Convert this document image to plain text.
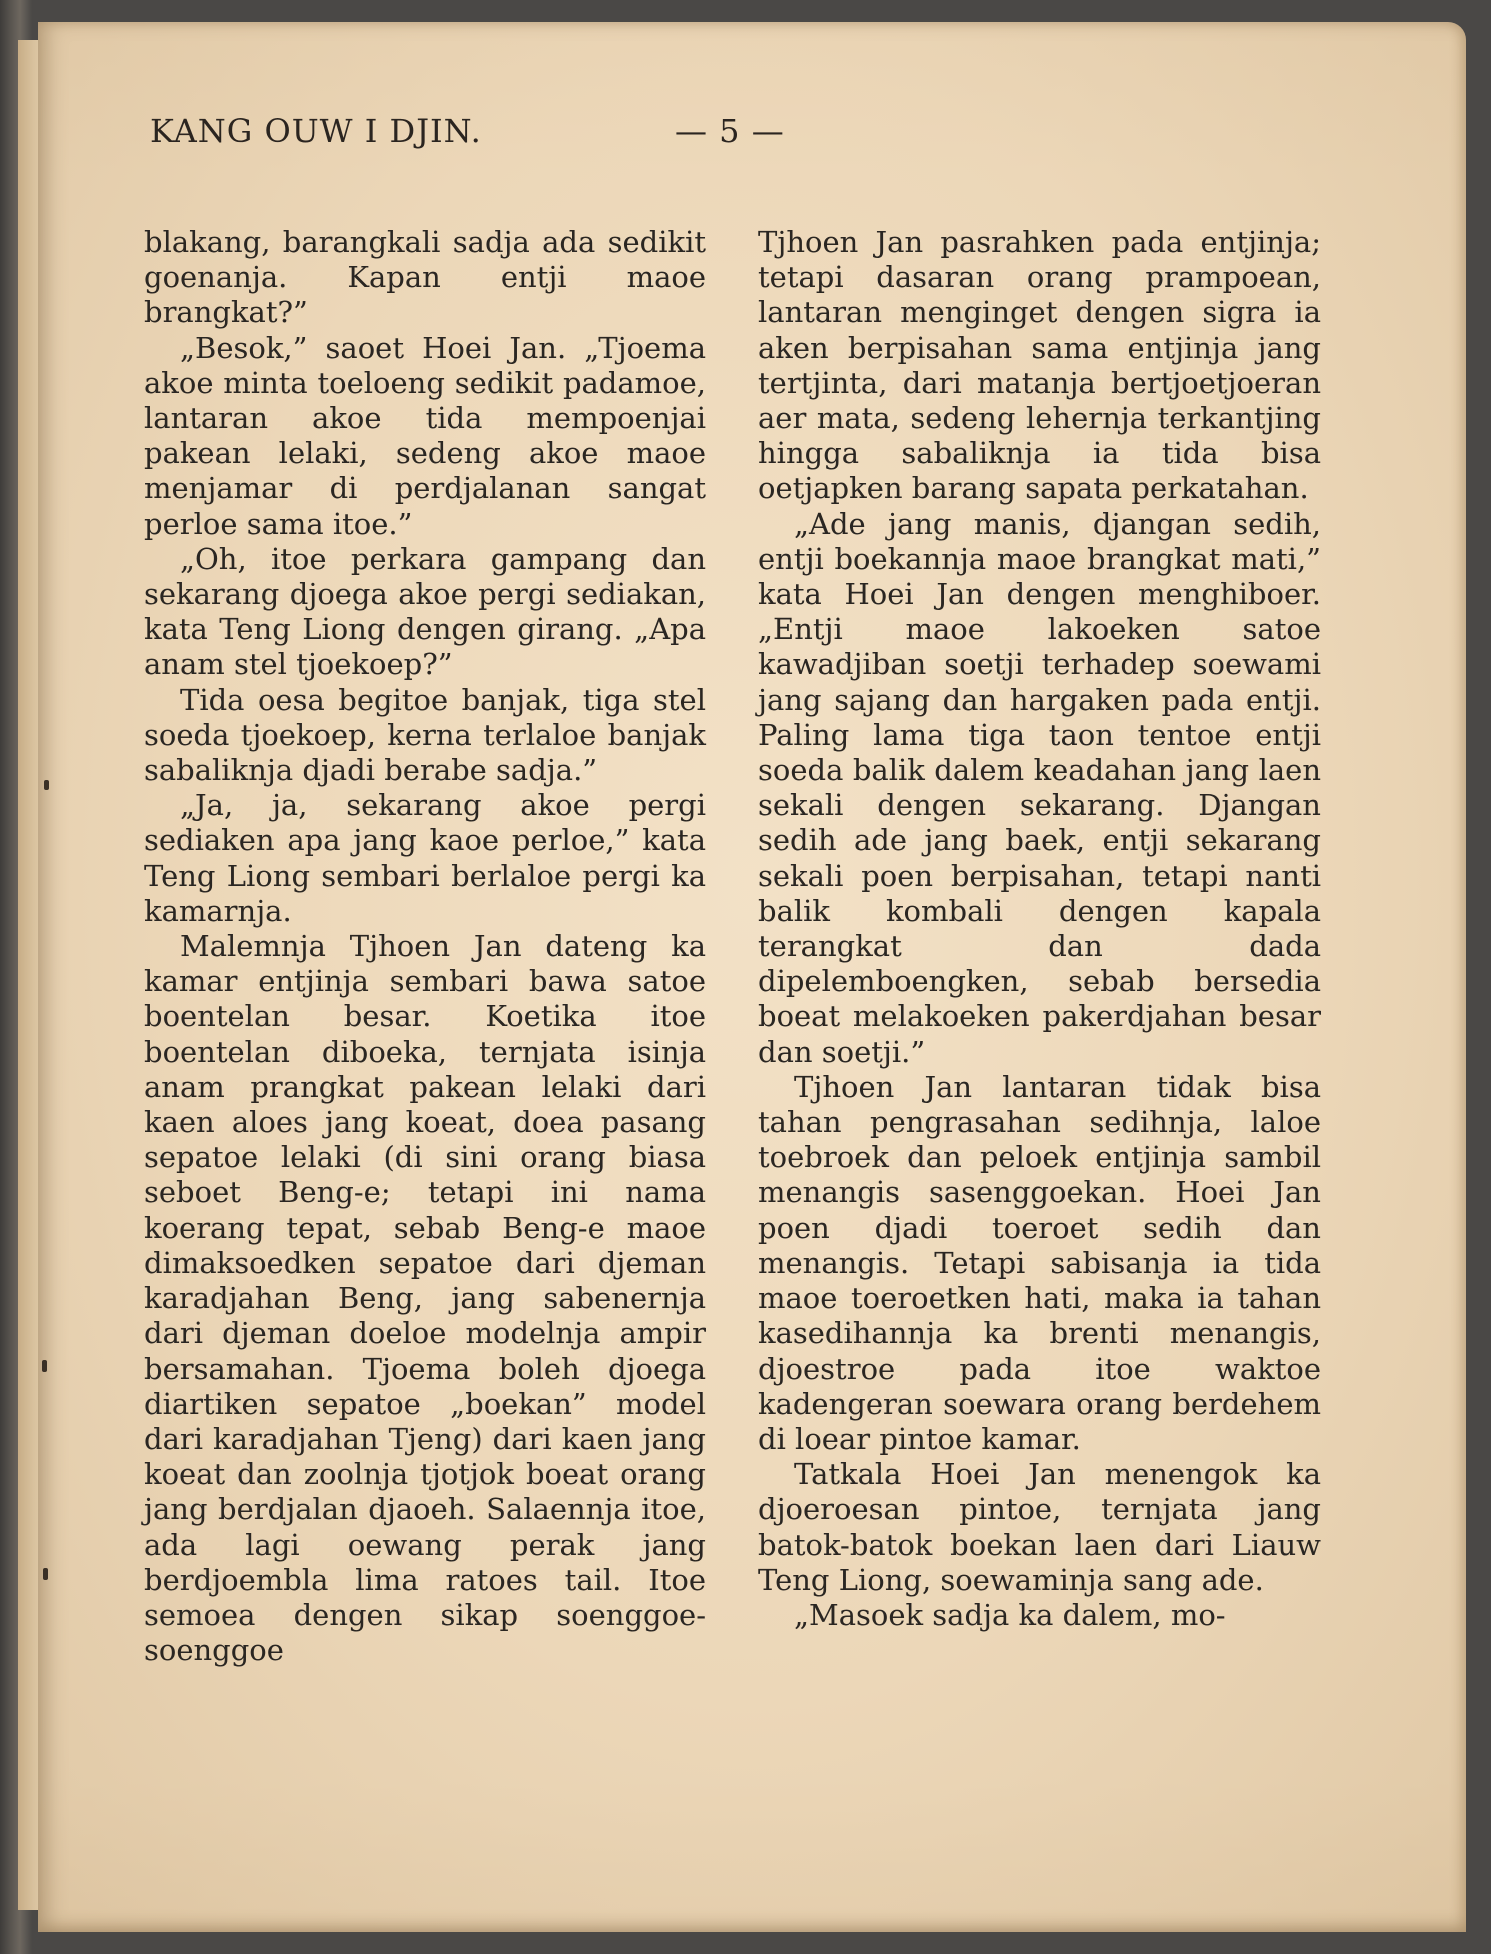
KANG OUW I DJIN.	— 5 —

blakang, barangkali sadja ada sedikit goenanja. Kapan entji maoe brangkat?”

„Besok,” saoet Hoei Jan. „Tjoema akoe minta toeloeng sedikit padamoe, lantaran akoe tida mempoenjai pakean lelaki, sedeng akoe maoe menjamar di perdjalanan sangat perloe sama itoe.”

„Oh, itoe perkara gampang dan sekarang djoega akoe pergi sediakan, kata Teng Liong dengen girang. „Apa anam stel tjoekoep?”

Tida oesa begitoe banjak, tiga stel soeda tjoekoep, kerna terlaloe banjak sabaliknja djadi berabe sadja.”

„Ja, ja, sekarang akoe pergi sediaken apa jang kaoe perloe,” kata Teng Liong sembari berlaloe pergi ka kamarnja.

Malemnja Tjhoen Jan dateng ka kamar entjinja sembari bawa satoe boentelan besar. Koetika itoe boentelan diboeka, ternjata isinja anam prangkat pakean lelaki dari kaen aloes jang koeat, doea pasang sepatoe lelaki (di sini orang biasa seboet Beng-e; tetapi ini nama koerang tepat, sebab Beng-e maoe dimaksoedken sepatoe dari djeman karadjahan Beng, jang sabenernja dari djeman doeloe modelnja ampir bersamahan. Tjoema boleh djoega diartiken sepatoe „boekan” model dari karadjahan Tjeng) dari kaen jang koeat dan zoolnja tjotjok boeat orang jang berdjalan djaoeh. Salaennja itoe, ada lagi oewang perak jang berdjoembla lima ratoes tail. Itoe semoea dengen sikap soenggoe-soenggoe

Tjhoen Jan pasrahken pada entjinja; tetapi dasaran orang prampoean, lantaran menginget dengen sigra ia aken berpisahan sama entjinja jang tertjinta, dari matanja bertjoetjoeran aer mata, sedeng lehernja terkantjing hingga sabaliknja ia tida bisa oetjapken barang sapata perkatahan.

„Ade jang manis, djangan sedih, entji boekannja maoe brangkat mati,” kata Hoei Jan dengen menghiboer. „Entji maoe lakoeken satoe kawadjiban soetji terhadep soewami jang sajang dan hargaken pada entji. Paling lama tiga taon tentoe entji soeda balik dalem keadahan jang laen sekali dengen sekarang. Djangan sedih ade jang baek, entji sekarang sekali poen berpisahan, tetapi nanti balik kombali dengen kapala terangkat dan dada dipelemboengken, sebab bersedia boeat melakoeken pakerdjahan besar dan soetji.”

Tjhoen Jan lantaran tidak bisa tahan pengrasahan sedihnja, laloe toebroek dan peloek entjinja sambil menangis sasenggoekan. Hoei Jan poen djadi toeroet sedih dan menangis. Tetapi sabisanja ia tida maoe toeroetken hati, maka ia tahan kasedihannja ka brenti menangis, djoestroe pada itoe waktoe kadengeran soewara orang berdehem di loear pintoe kamar.

Tatkala Hoei Jan menengok ka djoeroesan pintoe, ternjata jang batok-batok boekan laen dari Liauw Teng Liong, soewaminja sang ade.

„Masoek sadja ka dalem, mo-
